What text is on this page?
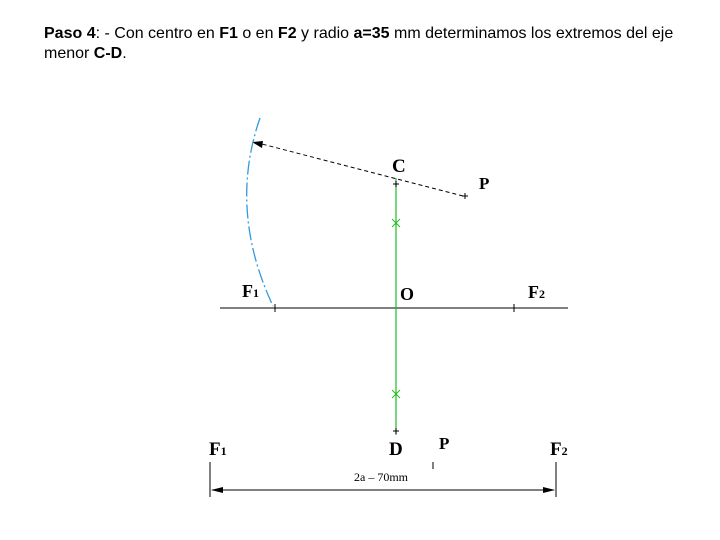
Paso 4: - Con centro en F1 o en F2 y radio a=35 mm determinamos los extremos del eje menor C-D.
C
P
F1	O	F2
F1	D P	F2
2a – 70mm
